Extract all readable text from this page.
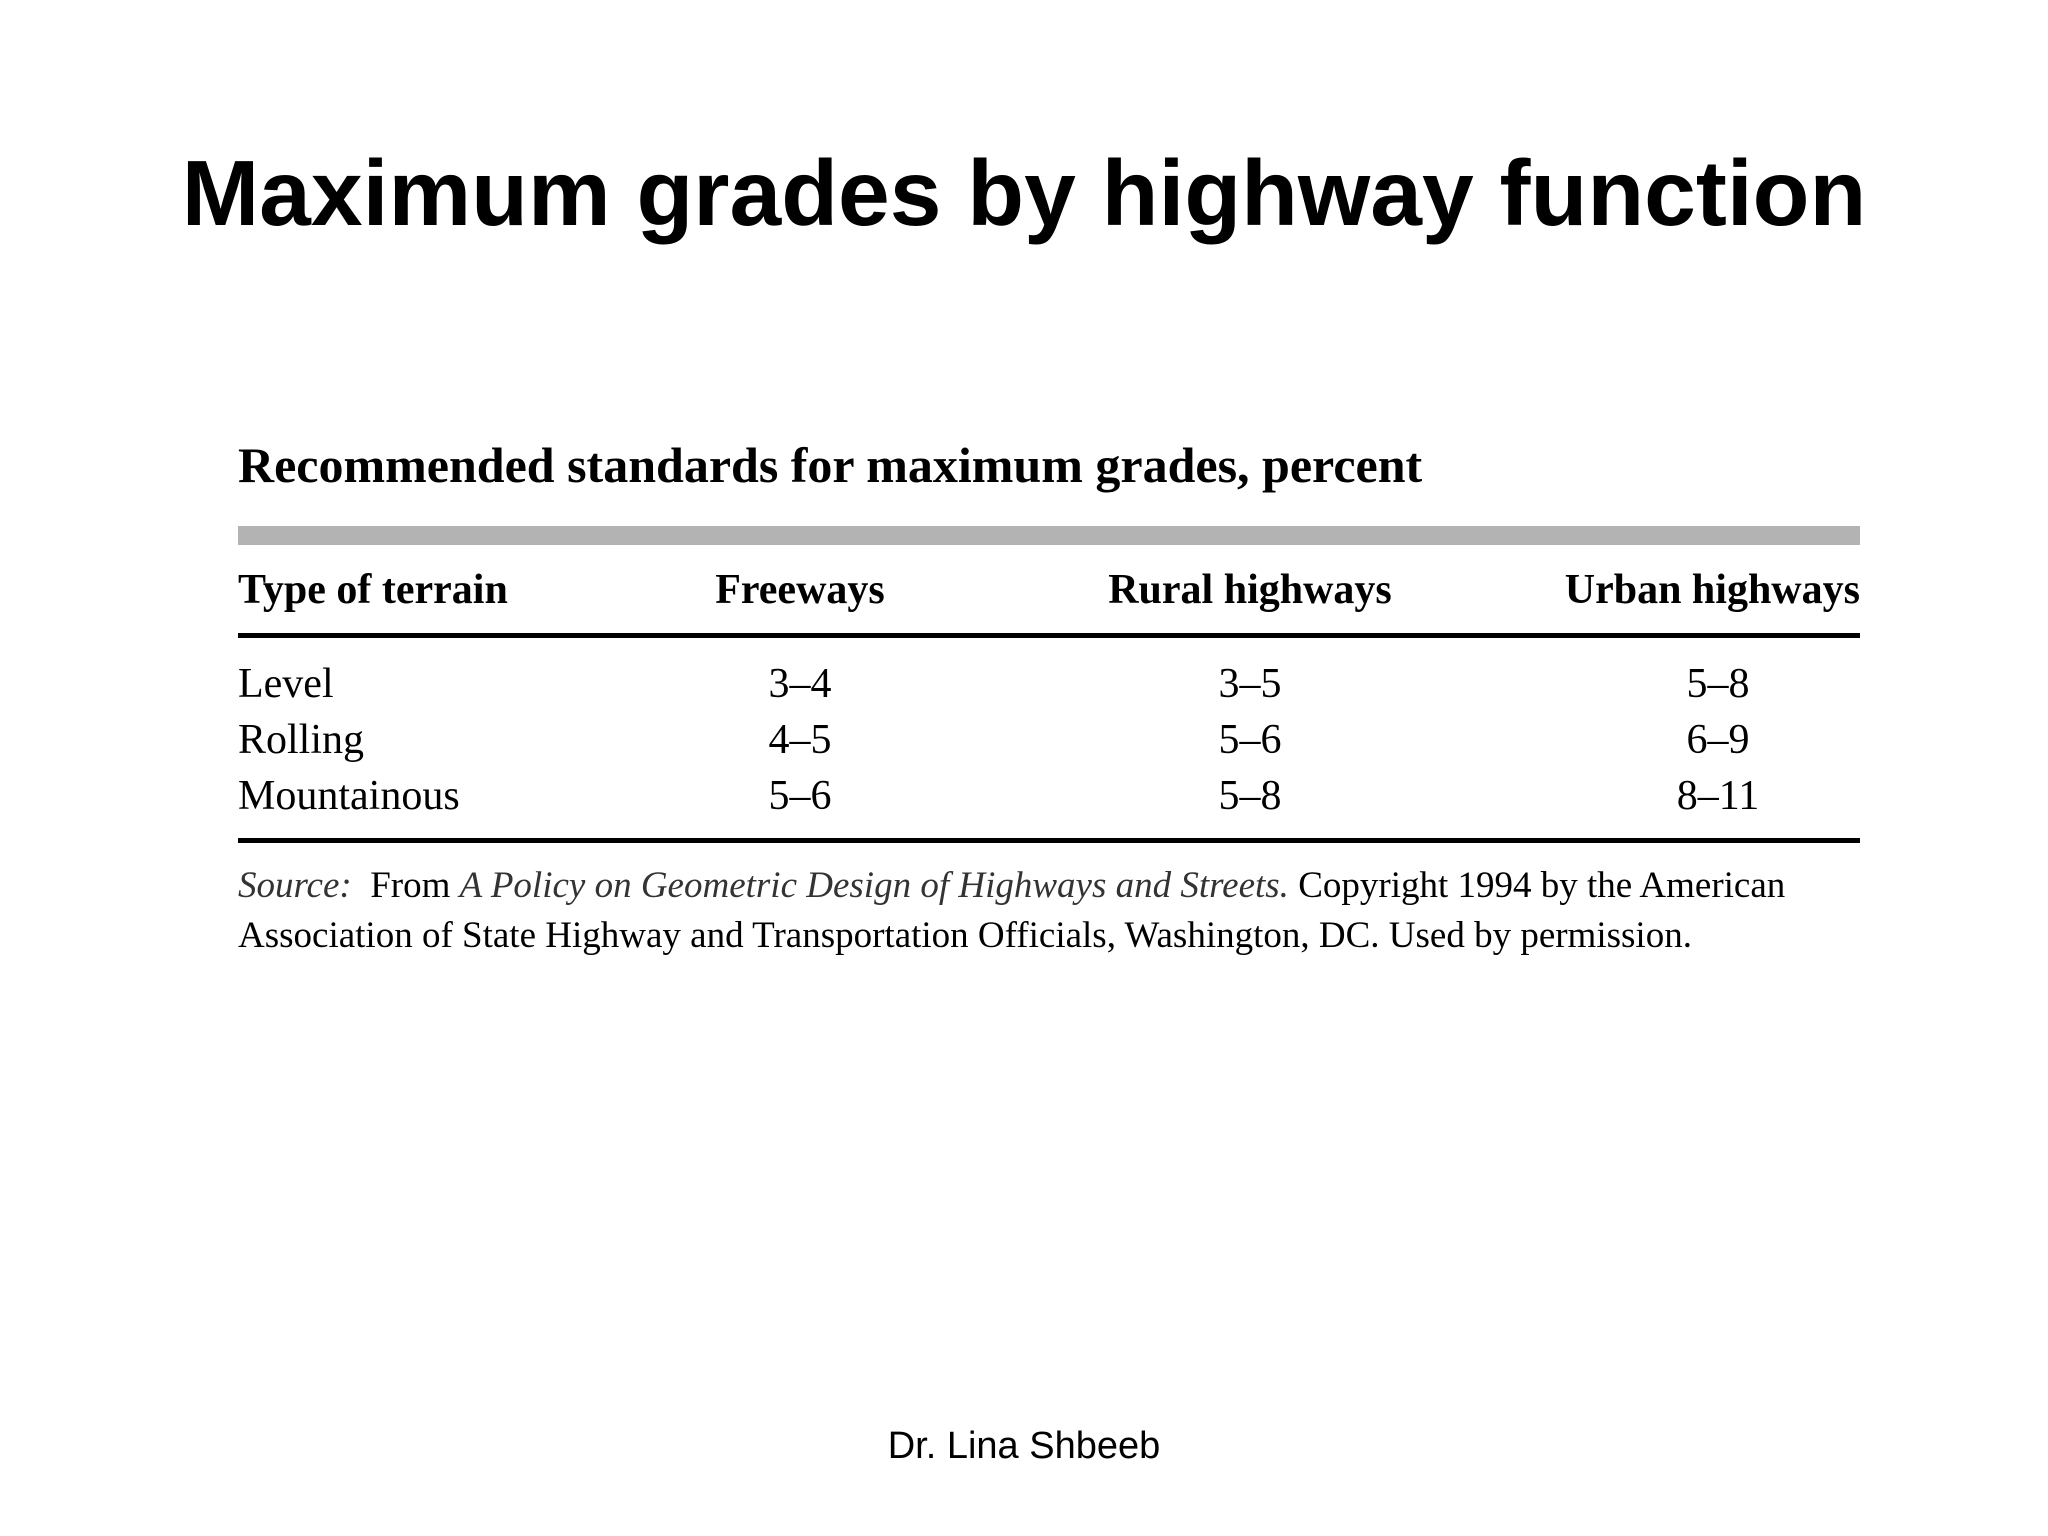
Maximum grades by highway function
Recommended standards for maximum grades, percent
Type of terrain	Freeways	Rural highways	Urban highways
Level	3–4	3–5	5–8
Rolling	4–5	5–6	6–9
Mountainous	5–6	5–8	8–11
Source: From A Policy on Geometric Design of Highways and Streets. Copyright 1994 by the American Association of State Highway and Transportation Officials, Washington, DC. Used by permission.
Dr. Lina Shbeeb
